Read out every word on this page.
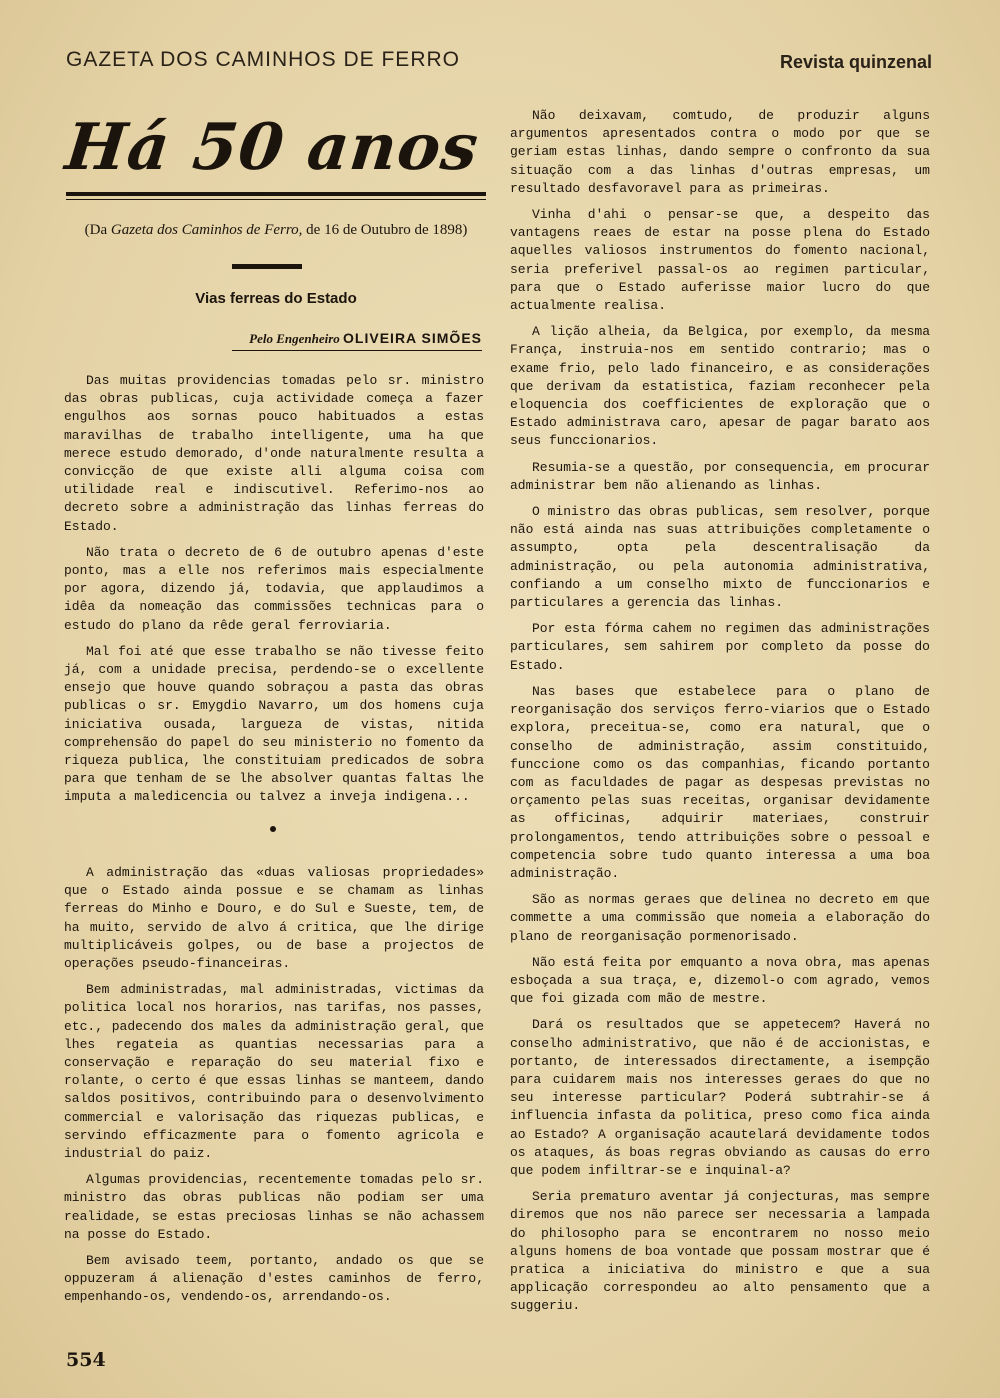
GAZETA DOS CAMINHOS DE FERRO	Revista quinzenal
Há 50 anos
(Da Gazeta dos Caminhos de Ferro, de 16 de Outubro de 1898)
Vias ferreas do Estado
Pelo Engenheiro OLIVEIRA SIMÕES

Das muitas providencias tomadas pelo sr. ministro das obras publicas, cuja actividade começa a fazer engulhos aos sornas pouco habituados a estas maravilhas de trabalho intelligente, uma ha que merece estudo demorado, d'onde naturalmente resulta a convicção de que existe alli alguma coisa com utilidade real e indiscutivel. Referimo-nos ao decreto sobre a administração das linhas ferreas do Estado.

Não trata o decreto de 6 de outubro apenas d'este ponto, mas a elle nos referimos mais especialmente por agora, dizendo já, todavia, que applaudimos a idêa da nomeação das commissões technicas para o estudo do plano da rêde geral ferroviaria.

Mal foi até que esse trabalho se não tivesse feito já, com a unidade precisa, perdendo-se o excellente ensejo que houve quando sobraçou a pasta das obras publicas o sr. Emygdio Navarro, um dos homens cuja iniciativa ousada, largueza de vistas, nitida comprehensão do papel do seu ministerio no fomento da riqueza publica, lhe constituiam predicados de sobra para que tenham de se lhe absolver quantas faltas lhe imputa a maledicencia ou talvez a inveja indigena...

A administração das «duas valiosas propriedades» que o Estado ainda possue e se chamam as linhas ferreas do Minho e Douro, e do Sul e Sueste, tem, de ha muito, servido de alvo á critica, que lhe dirige multiplicáveis golpes, ou de base a projectos de operações pseudo-financeiras.

Bem administradas, mal administradas, victimas da politica local nos horarios, nas tarifas, nos passes, etc., padecendo dos males da administração geral, que lhes regateia as quantias necessarias para a conservação e reparação do seu material fixo e rolante, o certo é que essas linhas se manteem, dando saldos positivos, contribuindo para o desenvolvimento commercial e valorisação das riquezas publicas, e servindo efficazmente para o fomento agricola e industrial do paiz.

Algumas providencias, recentemente tomadas pelo sr. ministro das obras publicas não podiam ser uma realidade, se estas preciosas linhas se não achassem na posse do Estado.

Bem avisado teem, portanto, andado os que se oppuzeram á alienação d'estes caminhos de ferro, empenhando-os, vendendo-os, arrendando-os.

Não deixavam, comtudo, de produzir alguns argumentos apresentados contra o modo por que se geriam estas linhas, dando sempre o confronto da sua situação com a das linhas d'outras empresas, um resultado desfavoravel para as primeiras.

Vinha d'ahi o pensar-se que, a despeito das vantagens reaes de estar na posse plena do Estado aquelles valiosos instrumentos do fomento nacional, seria preferivel passal-os ao regimen particular, para que o Estado auferisse maior lucro do que actualmente realisa.

A lição alheia, da Belgica, por exemplo, da mesma França, instruia-nos em sentido contrario; mas o exame frio, pelo lado financeiro, e as considerações que derivam da estatistica, faziam reconhecer pela eloquencia dos coefficientes de exploração que o Estado administrava caro, apesar de pagar barato aos seus funccionarios.

Resumia-se a questão, por consequencia, em procurar administrar bem não alienando as linhas.

O ministro das obras publicas, sem resolver, porque não está ainda nas suas attribuições completamente o assumpto, opta pela descentralisação da administração, ou pela autonomia administrativa, confiando a um conselho mixto de funccionarios e particulares a gerencia das linhas.

Por esta fórma cahem no regimen das administrações particulares, sem sahirem por completo da posse do Estado.

Nas bases que estabelece para o plano de reorganisação dos serviços ferro-viarios que o Estado explora, preceitua-se, como era natural, que o conselho de administração, assim constituido, funccione como os das companhias, ficando portanto com as faculdades de pagar as despesas previstas no orçamento pelas suas receitas, organisar devidamente as officinas, adquirir materiaes, construir prolongamentos, tendo attribuições sobre o pessoal e competencia sobre tudo quanto interessa a uma boa administração.

São as normas geraes que delinea no decreto em que commette a uma commissão que nomeia a elaboração do plano de reorganisação pormenorisado.

Não está feita por emquanto a nova obra, mas apenas esboçada a sua traça, e, dizemol-o com agrado, vemos que foi gizada com mão de mestre.

Dará os resultados que se appetecem? Haverá no conselho administrativo, que não é de accionistas, e portanto, de interessados directamente, a isempção para cuidarem mais nos interesses geraes do que no seu interesse particular? Poderá subtrahir-se á influencia infasta da politica, preso como fica ainda ao Estado? A organisação acautelará devidamente todos os ataques, ás boas regras obviando as causas do erro que podem infiltrar-se e inquinal-a?

Seria prematuro aventar já conjecturas, mas sempre diremos que nos não parece ser necessaria a lampada do philosopho para se encontrarem no nosso meio alguns homens de boa vontade que possam mostrar que é pratica a iniciativa do ministro e que a sua applicação correspondeu ao alto pensamento que a suggeriu.

554
